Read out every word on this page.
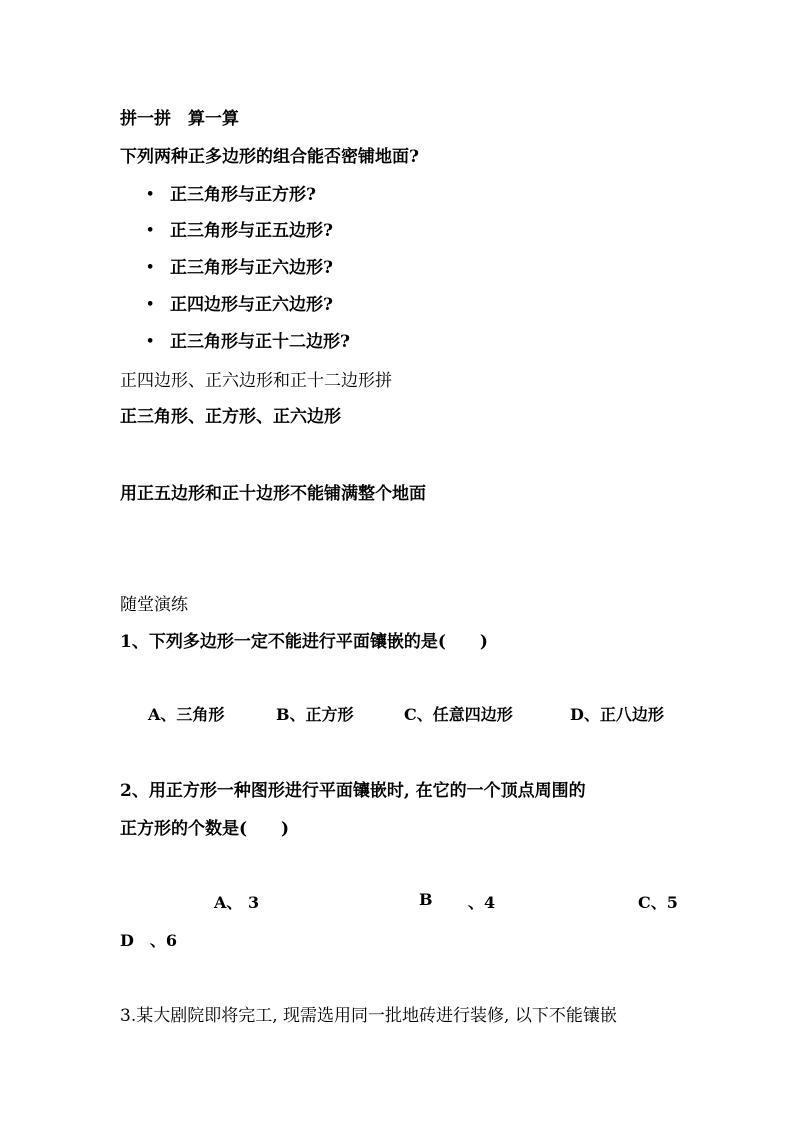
拼一拼　算一算
下列两种正多边形的组合能否密铺地面?
• 正三角形与正方形?
• 正三角形与正五边形?
• 正三角形与正六边形?
• 正四边形与正六边形?
• 正三角形与正十二边形?
正四边形、正六边形和正十二边形拼
正三角形、正方形、正六边形
用正五边形和正十边形不能铺满整个地面
随堂演练
1、下列多边形一定不能进行平面镶嵌的是(　　)
A、三角形	B、正方形	C、任意四边形	D、正八边形
2、用正方形一种图形进行平面镶嵌时, 在它的一个顶点周围的
正方形的个数是(　　)
A、 3	B 、4	C、5
D　、6
3.某大剧院即将完工, 现需选用同一批地砖进行装修, 以下不能镶嵌
